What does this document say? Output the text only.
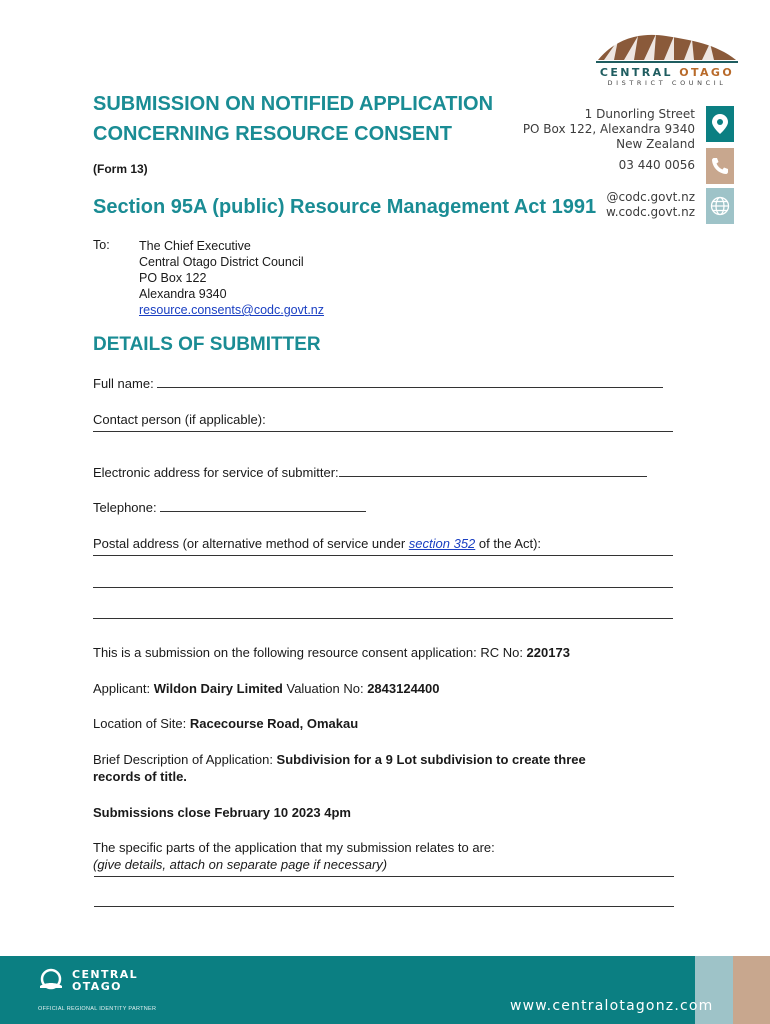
CENTRAL OTAGO
DISTRICT COUNCIL
1 Dunorling Street
PO Box 122, Alexandra 9340
New Zealand
03 440 0056
@codc.govt.nz
w.codc.govt.nz
SUBMISSION ON NOTIFIED APPLICATION
CONCERNING RESOURCE CONSENT
(Form 13)
Section 95A (public) Resource Management Act 1991
To: The Chief Executive
Central Otago District Council
PO Box 122
Alexandra 9340
resource.consents@codc.govt.nz
DETAILS OF SUBMITTER
Full name:
Contact person (if applicable):
Electronic address for service of submitter:
Telephone:
Postal address (or alternative method of service under section 352 of the Act):
This is a submission on the following resource consent application: RC No: 220173
Applicant: Wildon Dairy Limited Valuation No: 2843124400
Location of Site: Racecourse Road, Omakau
Brief Description of Application: Subdivision for a 9 Lot subdivision to create three
records of title.
Submissions close February 10 2023 4pm
The specific parts of the application that my submission relates to are:
(give details, attach on separate page if necessary)
CENTRAL
OTAGO
OFFICIAL REGIONAL IDENTITY PARTNER	www.centralotagonz.com
